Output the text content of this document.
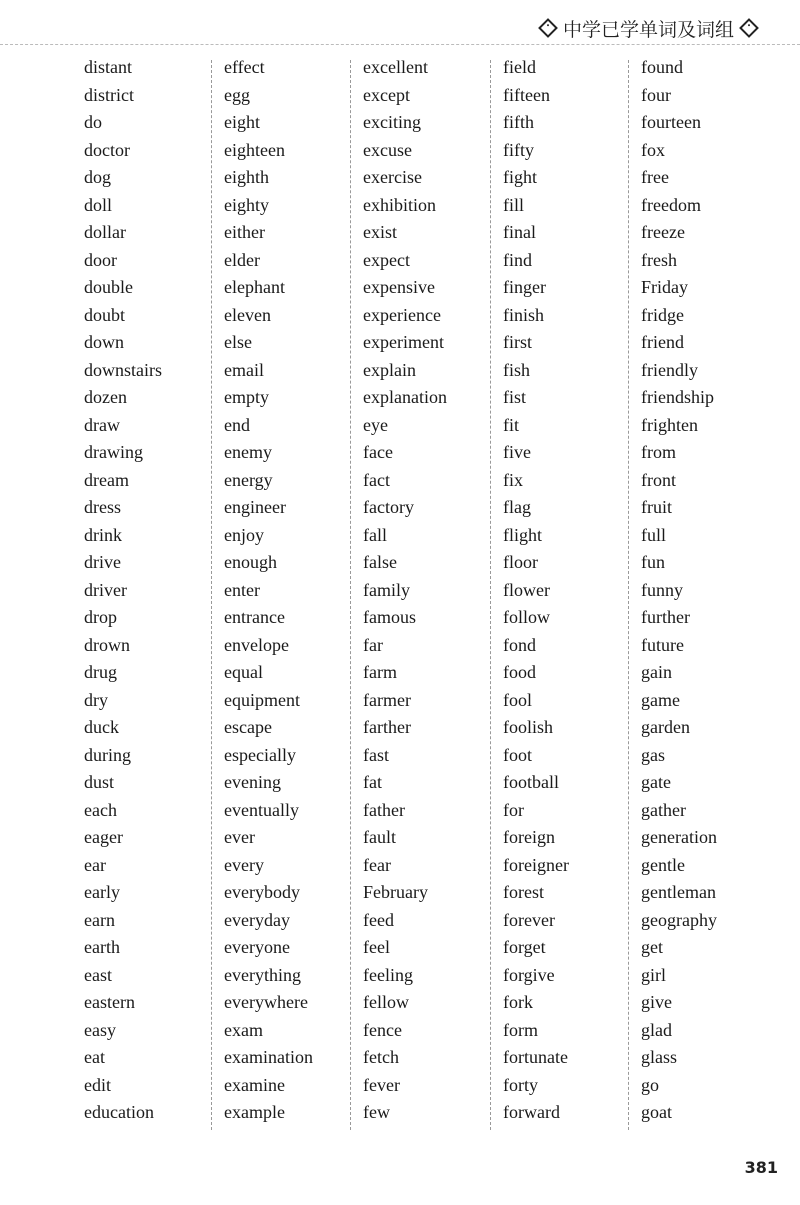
中学已学单词及词组
distant
district
do
doctor
dog
doll
dollar
door
double
doubt
down
downstairs
dozen
draw
drawing
dream
dress
drink
drive
driver
drop
drown
drug
dry
duck
during
dust
each
eager
ear
early
earn
earth
east
eastern
easy
eat
edit
education
effect
egg
eight
eighteen
eighth
eighty
either
elder
elephant
eleven
else
email
empty
end
enemy
energy
engineer
enjoy
enough
enter
entrance
envelope
equal
equipment
escape
especially
evening
eventually
ever
every
everybody
everyday
everyone
everything
everywhere
exam
examination
examine
example
excellent
except
exciting
excuse
exercise
exhibition
exist
expect
expensive
experience
experiment
explain
explanation
eye
face
fact
factory
fall
false
family
famous
far
farm
farmer
farther
fast
fat
father
fault
fear
February
feed
feel
feeling
fellow
fence
fetch
fever
few
field
fifteen
fifth
fifty
fight
fill
final
find
finger
finish
first
fish
fist
fit
five
fix
flag
flight
floor
flower
follow
fond
food
fool
foolish
foot
football
for
foreign
foreigner
forest
forever
forget
forgive
fork
form
fortunate
forty
forward
found
four
fourteen
fox
free
freedom
freeze
fresh
Friday
fridge
friend
friendly
friendship
frighten
from
front
fruit
full
fun
funny
further
future
gain
game
garden
gas
gate
gather
generation
gentle
gentleman
geography
get
girl
give
glad
glass
go
goat
381
